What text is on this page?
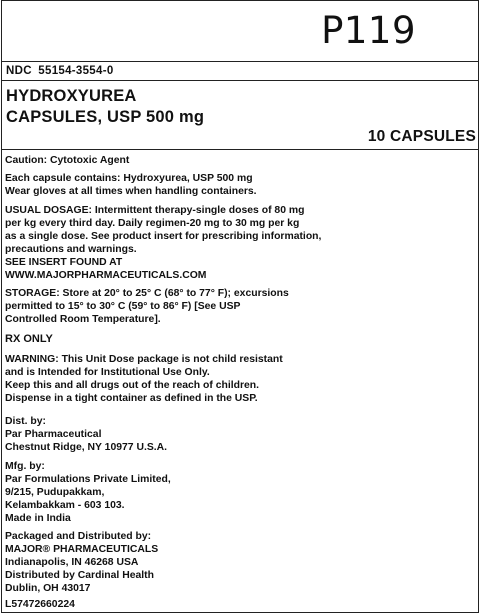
P119
NDC 55154-3554-0
HYDROXYUREA
CAPSULES, USP 500 mg
10 CAPSULES
Caution: Cytotoxic Agent
Each capsule contains: Hydroxyurea, USP 500 mg
Wear gloves at all times when handling containers.
USUAL DOSAGE: Intermittent therapy-single doses of 80 mg
per kg every third day. Daily regimen-20 mg to 30 mg per kg
as a single dose. See product insert for prescribing information,
precautions and warnings.
SEE INSERT FOUND AT
WWW.MAJORPHARMACEUTICALS.COM
STORAGE: Store at 20° to 25° C (68° to 77° F); excursions
permitted to 15° to 30° C (59° to 86° F) [See USP
Controlled Room Temperature].
RX ONLY
WARNING: This Unit Dose package is not child resistant
and is Intended for Institutional Use Only.
Keep this and all drugs out of the reach of children.
Dispense in a tight container as defined in the USP.
Dist. by:
Par Pharmaceutical
Chestnut Ridge, NY 10977 U.S.A.
Mfg. by:
Par Formulations Private Limited,
9/215, Pudupakkam,
Kelambakkam - 603 103.
Made in India
Packaged and Distributed by:
MAJOR® PHARMACEUTICALS
Indianapolis, IN 46268 USA
Distributed by Cardinal Health
Dublin, OH 43017
L57472660224
